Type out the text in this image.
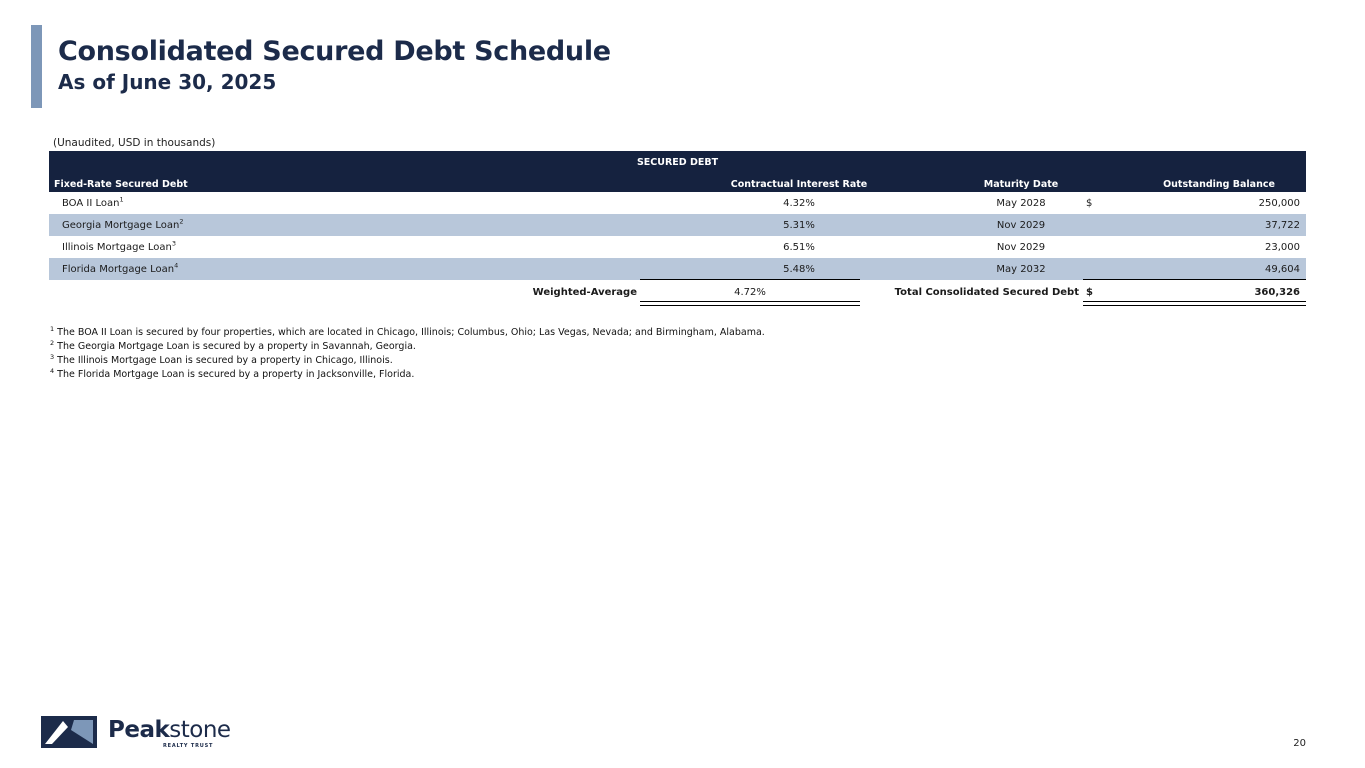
Consolidated Secured Debt Schedule
As of June 30, 2025
(Unaudited, USD in thousands)
SECURED DEBT
Fixed-Rate Secured Debt	Contractual Interest Rate	Maturity Date	Outstanding Balance
BOA II Loan$^1$	4.32%	May 2028	$	250,000
Georgia Mortgage Loan$^2$	5.31%	Nov 2029	37,722
Illinois Mortgage Loan$^3$	6.51%	Nov 2029	23,000
Florida Mortgage Loan$^4$	5.48%	May 2032	49,604
Weighted-Average	4.72%	Total Consolidated Secured Debt $	360,326
$^1$ The BOA II Loan is secured by four properties, which are located in Chicago, Illinois; Columbus, Ohio; Las Vegas, Nevada; and Birmingham, Alabama.
$^2$ The Georgia Mortgage Loan is secured by a property in Savannah, Georgia.
$^3$ The Illinois Mortgage Loan is secured by a property in Chicago, Illinois.
$^4$ The Florida Mortgage Loan is secured by a property in Jacksonville, Florida.
Peakstone
REALTY TRUST	20
